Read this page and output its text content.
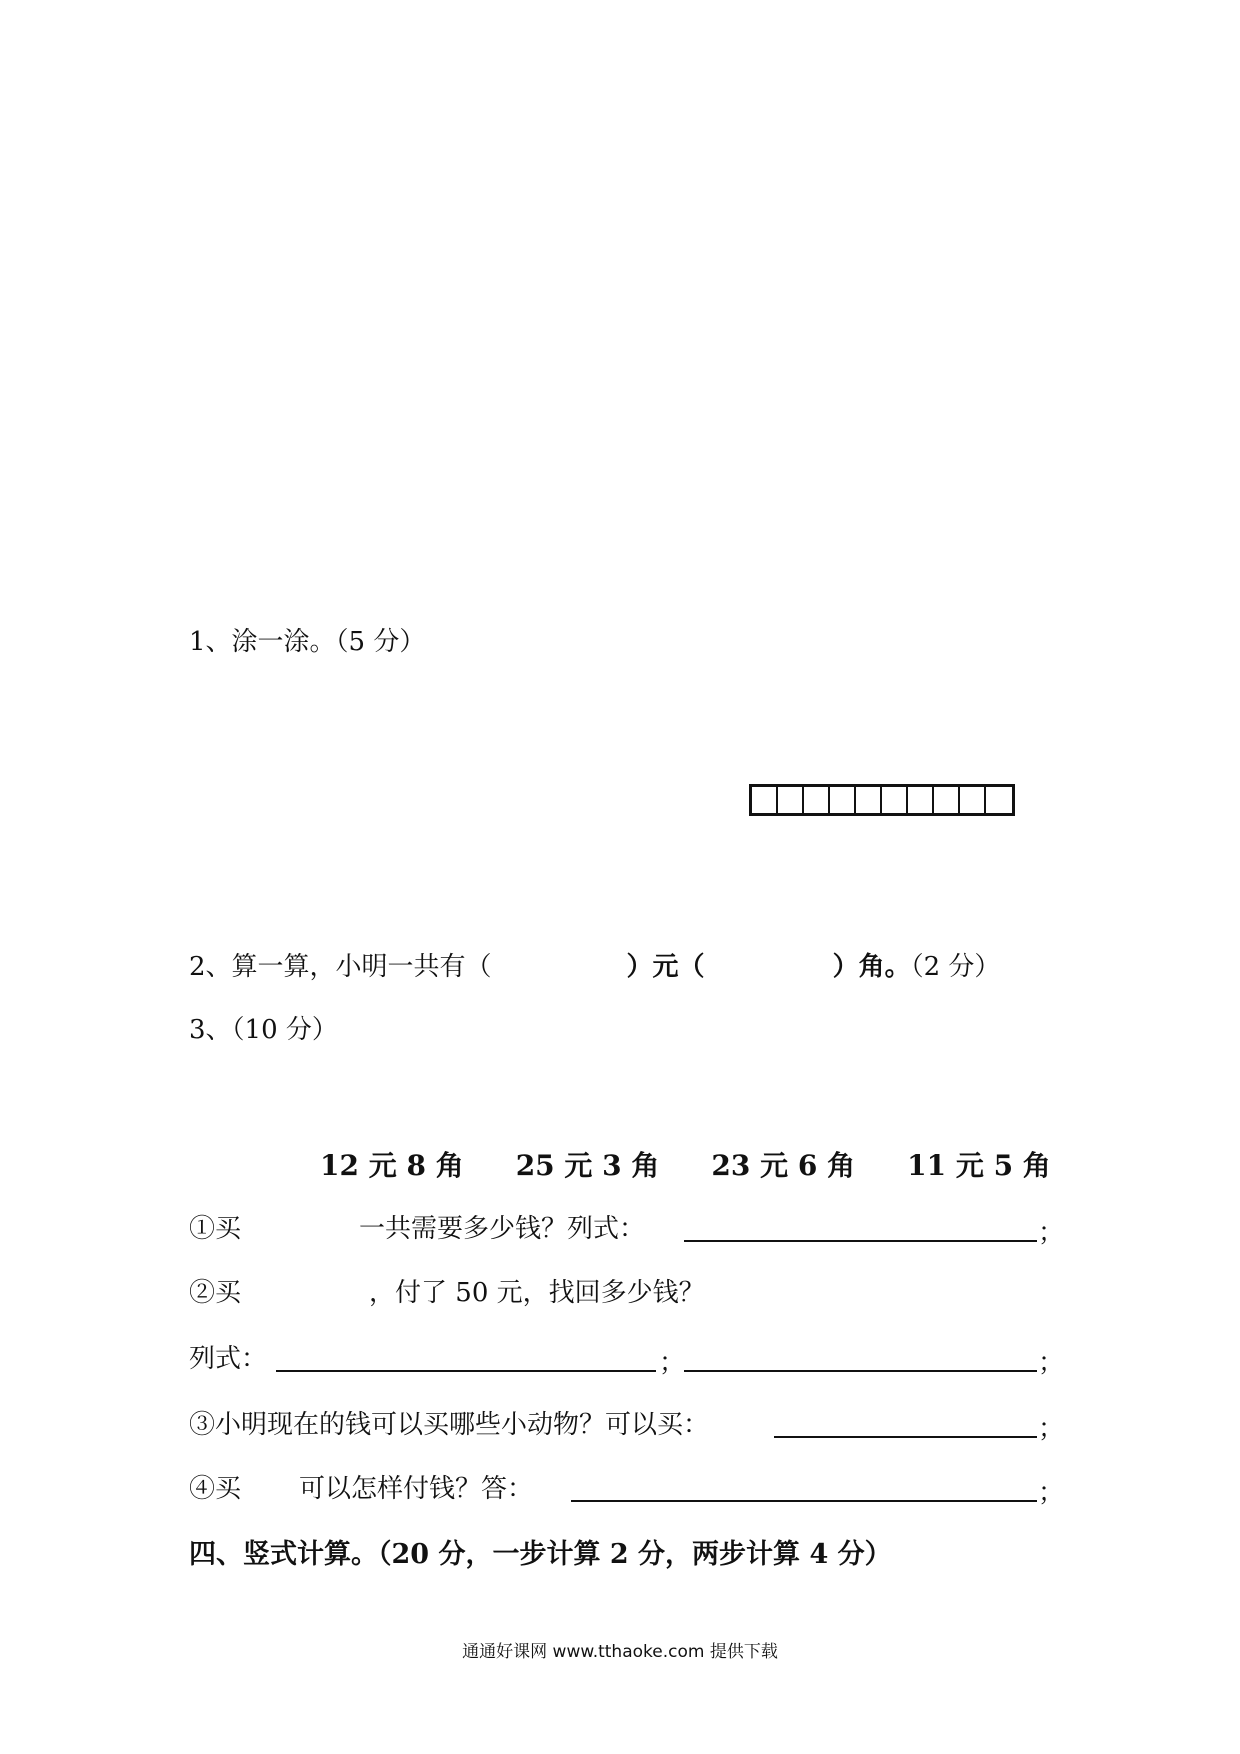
1、涂一涂。（5 分）
2、算一算，小明一共有（	）元（	）角。（2 分）
3、（10 分）
12 元 8 角 25 元 3 角 23 元 6 角 11 元 5 角
①买	一共需要多少钱？列式：	；
②买	，付了 50 元，找回多少钱？
列式：	；	；
③小明现在的钱可以买哪些小动物？可以买：	；
④买 可以怎样付钱？答：	；
四、竖式计算。（20 分，一步计算 2 分，两步计算 4 分）
通通好课网 www.tthaoke.com 提供下载
